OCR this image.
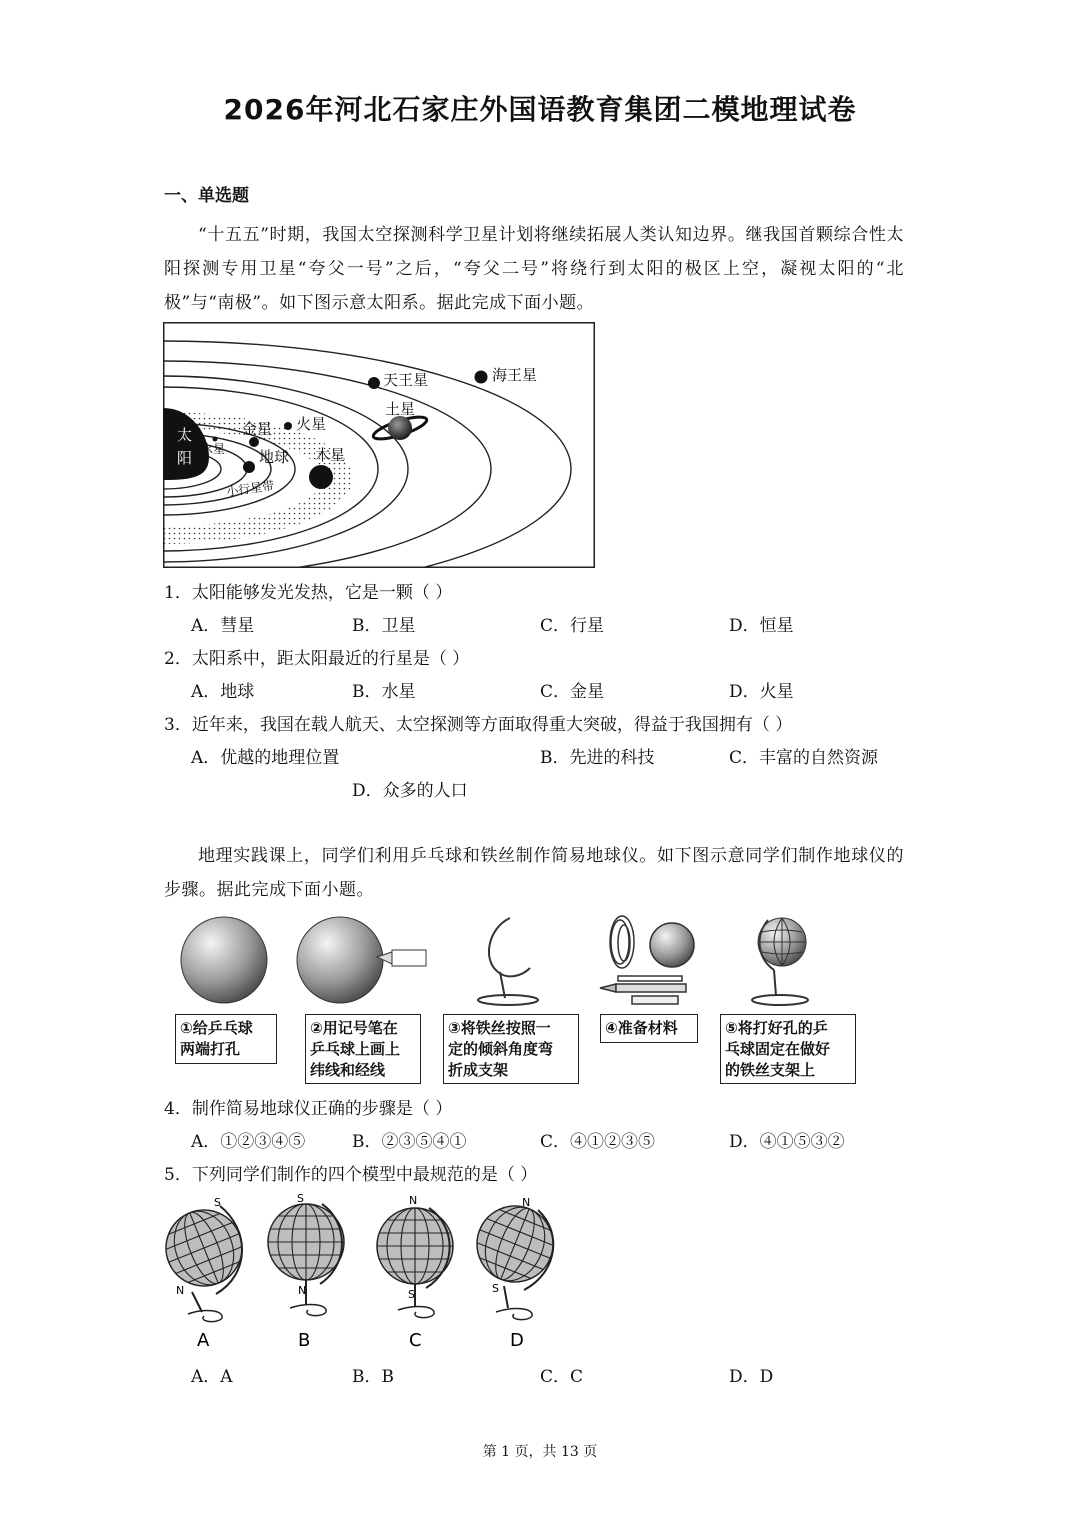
2026年河北石家庄外国语教育集团二模地理试卷
一、单选题
“十五五”时期，我国太空探测科学卫星计划将继续拓展人类认知边界。继我国首颗综合性太阳探测专用卫星“夸父一号”之后，“夸父二号”将绕行到太阳的极区上空，凝视太阳的“北极”与“南极”。如下图示意太阳系。据此完成下面小题。
太
阳 水星
金星 火星
地球
小行星带
木星
土星
天王星	海王星
1．太阳能够发光发热，它是一颗（ ）
A．彗星	B．卫星	C．行星	D．恒星
2．太阳系中，距太阳最近的行星是（ ）
A．地球	B．水星	C．金星	D．火星
3．近年来，我国在载人航天、太空探测等方面取得重大突破，得益于我国拥有（ ）
A．优越的地理位置	B．先进的科技	C．丰富的自然资源
D．众多的人口
地理实践课上，同学们利用乒乓球和铁丝制作简易地球仪。如下图示意同学们制作地球仪的步骤。据此完成下面小题。
①给乒乓球
两端打孔
②用记号笔在
乒乓球上画上
纬线和经线
③将铁丝按照一
定的倾斜角度弯
折成支架
④准备材料	⑤将打好孔的乒
乓球固定在做好
的铁丝支架上
4．制作简易地球仪正确的步骤是（ ）
A．①②③④⑤	B．②③⑤④①	C．④①②③⑤	D．④①⑤③②
5．下列同学们制作的四个模型中最规范的是（ ）
S
N
S
N
N
S
N
S
A	B	C	D
A．A	B．B	C．C	D．D
第 1 页，共 13 页
